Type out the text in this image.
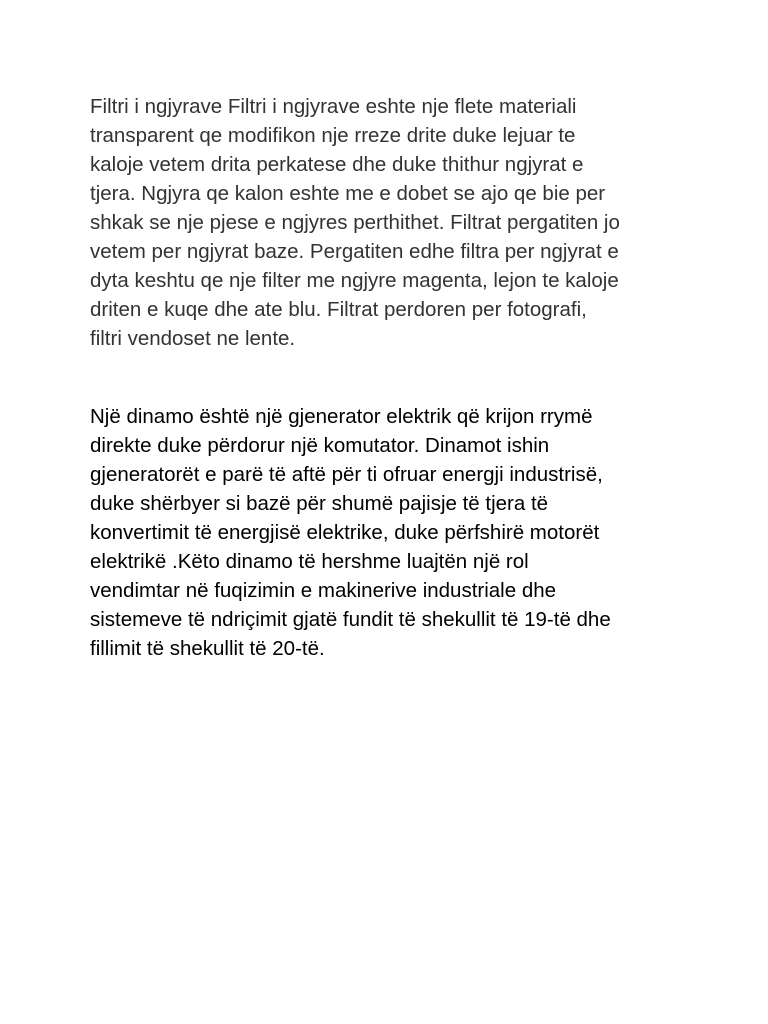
Filtri i ngjyrave Filtri i ngjyrave eshte nje flete materiali
transparent qe modifikon nje rreze drite duke lejuar te
kaloje vetem drita perkatese dhe duke thithur ngjyrat e
tjera. Ngjyra qe kalon eshte me e dobet se ajo qe bie per
shkak se nje pjese e ngjyres perthithet. Filtrat pergatiten jo
vetem per ngjyrat baze. Pergatiten edhe filtra per ngjyrat e
dyta keshtu qe nje filter me ngjyre magenta, lejon te kaloje
driten e kuqe dhe ate blu. Filtrat perdoren per fotografi,
filtri vendoset ne lente.

Një dinamo është një gjenerator elektrik që krijon rrymë
direkte duke përdorur një komutator. Dinamot ishin
gjeneratorët e parë të aftë për ti ofruar energji industrisë,
duke shërbyer si bazë për shumë pajisje të tjera të
konvertimit të energjisë elektrike, duke përfshirë motorët
elektrikë .Këto dinamo të hershme luajtën një rol
vendimtar në fuqizimin e makinerive industriale dhe
sistemeve të ndriçimit gjatë fundit të shekullit të 19-të dhe
fillimit të shekullit të 20-të.
